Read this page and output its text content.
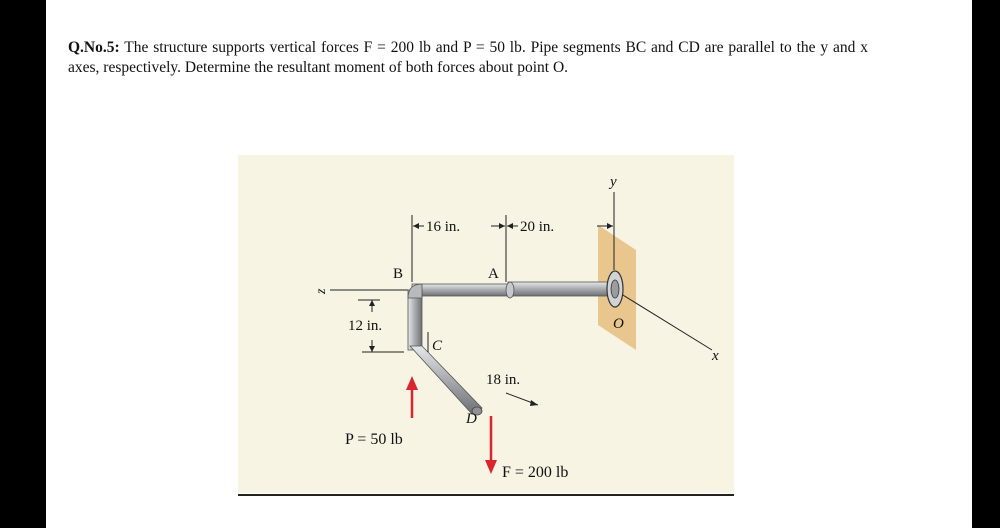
Q.No.5: The structure supports vertical forces F = 200 lb and P = 50 lb. Pipe segments BC and CD are parallel to the y and x axes, respectively. Determine the resultant moment of both forces about point O.
y
x
z
16 in.	20 in.
B	A
C
D
O
12 in.
18 in.
P = 50 lb
F = 200 lb
